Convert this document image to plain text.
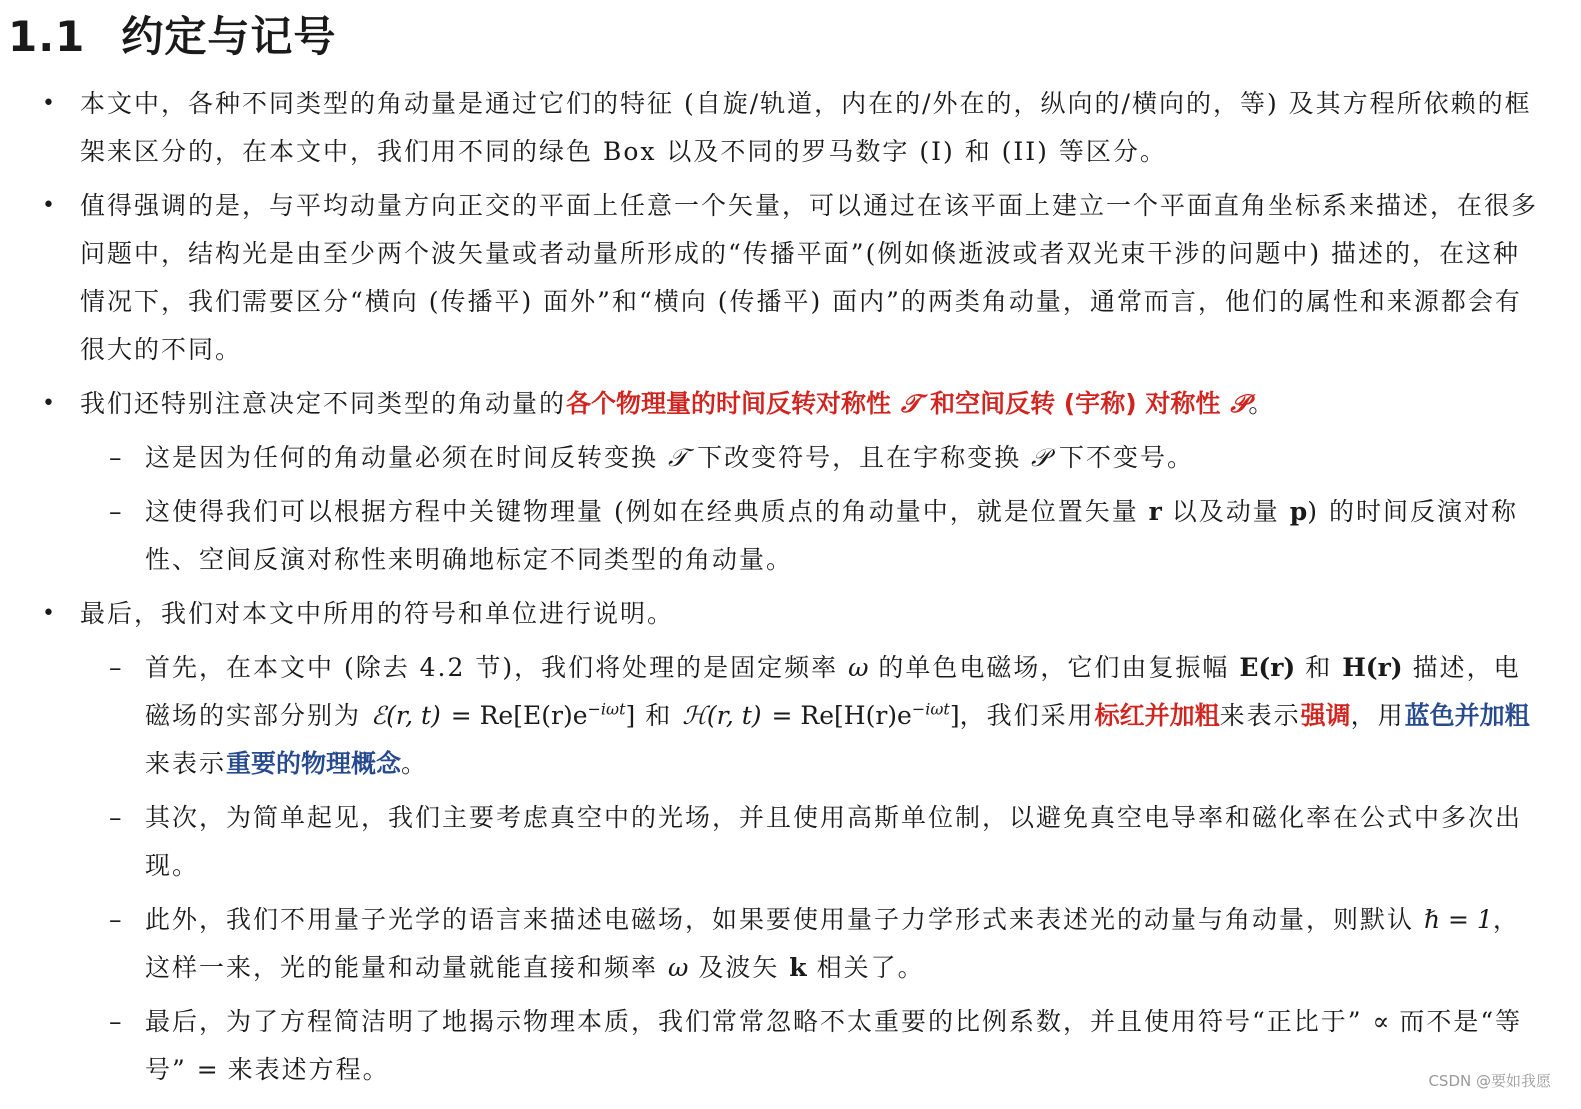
1.1 约定与记号
• 本文中，各种不同类型的角动量是通过它们的特征 (自旋/轨道，内在的/外在的，纵向的/横向的，等) 及其方程所依赖的框架来区分的，在本文中，我们用不同的绿色 Box 以及不同的罗马数字 (I) 和 (II) 等区分。
• 值得强调的是，与平均动量方向正交的平面上任意一个矢量，可以通过在该平面上建立一个平面直角坐标系来描述，在很多问题中，结构光是由至少两个波矢量或者动量所形成的“传播平面”(例如倏逝波或者双光束干涉的问题中) 描述的，在这种情况下，我们需要区分“横向 (传播平) 面外”和“横向 (传播平) 面内”的两类角动量，通常而言，他们的属性和来源都会有很大的不同。
• 我们还特别注意决定不同类型的角动量的各个物理量的时间反转对称性 𝒯 和空间反转 (宇称) 对称性 𝒫。
– 这是因为任何的角动量必须在时间反转变换 𝒯 下改变符号，且在宇称变换 𝒫 下不变号。
– 这使得我们可以根据方程中关键物理量 (例如在经典质点的角动量中，就是位置矢量 r 以及动量 p) 的时间反演对称性、空间反演对称性来明确地标定不同类型的角动量。
• 最后，我们对本文中所用的符号和单位进行说明。
– 首先，在本文中 (除去 4.2 节)，我们将处理的是固定频率 ω 的单色电磁场，它们由复振幅 E(r) 和 H(r) 描述，电磁场的实部分别为 ℰ(r, $t) = Re[E(r)e^{-i\omega t}]$ 和 ℋ(r, $t) = Re[H(r)e^{-i\omega t}]$，我们采用标红并加粗来表示强调，用蓝色并加粗来表示重要的物理概念。
– 其次，为简单起见，我们主要考虑真空中的光场，并且使用高斯单位制，以避免真空电导率和磁化率在公式中多次出现。
– 此外，我们不用量子光学的语言来描述电磁场，如果要使用量子力学形式来表述光的动量与角动量，则默认 ℏ = 1，这样一来，光的能量和动量就能直接和频率 ω 及波矢 k 相关了。
– 最后，为了方程简洁明了地揭示物理本质，我们常常忽略不太重要的比例系数，并且使用符号“正比于” ∝ 而不是“等号” = 来表述方程。	CSDN @要如我愿
